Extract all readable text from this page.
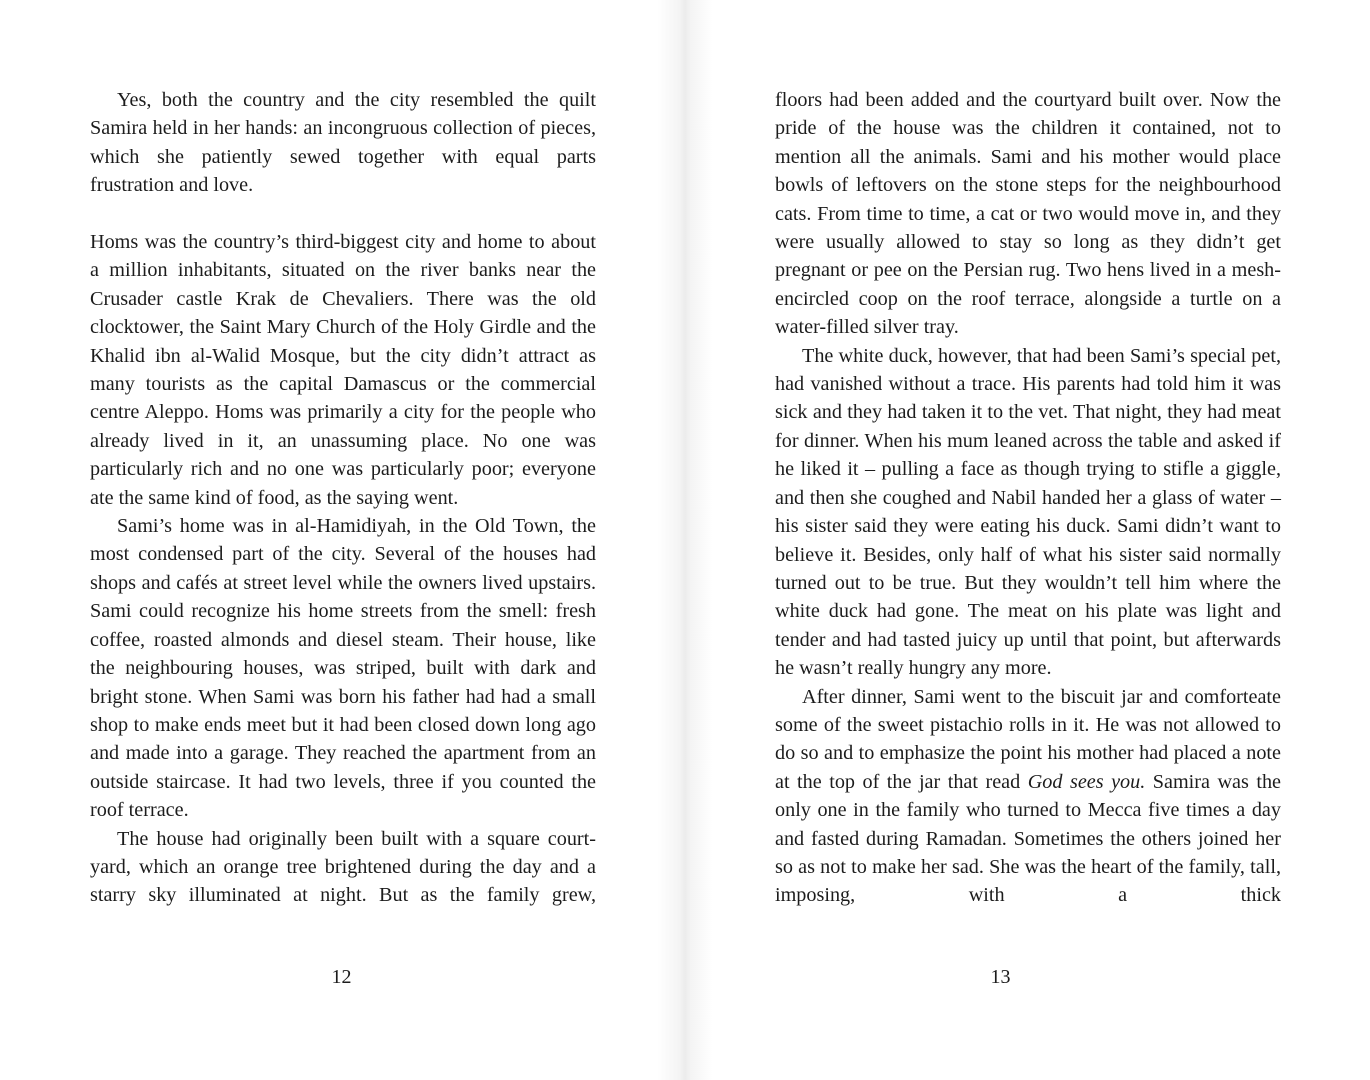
Yes, both the country and the city resembled the quilt Samira held in her hands: an incongruous collection of pieces, which she patiently sewed together with equal parts frustration and love.

Homs was the country’s third-biggest city and home to about a million inhabitants, situated on the river banks near the Crusader castle Krak de Chevaliers. There was the old clocktower, the Saint Mary Church of the Holy Girdle and the Khalid ibn al-Walid Mosque, but the city didn’t attract as many tourists as the capital Damascus or the commercial centre Aleppo. Homs was primarily a city for the people who already lived in it, an unassuming place. No one was particularly rich and no one was particularly poor; everyone ate the same kind of food, as the saying went.

Sami’s home was in al-Hamidiyah, in the Old Town, the most condensed part of the city. Several of the houses had shops and cafés at street level while the owners lived upstairs. Sami could recognize his home streets from the smell: fresh coffee, roasted almonds and diesel steam. Their house, like the neighbouring houses, was striped, built with dark and bright stone. When Sami was born his father had had a small shop to make ends meet but it had been closed down long ago and made into a garage. They reached the apartment from an outside staircase. It had two levels, three if you counted the roof terrace.

The house had originally been built with a square courtyard, which an orange tree brightened during the day and a starry sky illuminated at night. But as the family grew,

12

floors had been added and the courtyard built over. Now the pride of the house was the children it contained, not to mention all the animals. Sami and his mother would place bowls of leftovers on the stone steps for the neighbourhood cats. From time to time, a cat or two would move in, and they were usually allowed to stay so long as they didn’t get pregnant or pee on the Persian rug. Two hens lived in a mesh-encircled coop on the roof terrace, alongside a turtle on a water-filled silver tray.

The white duck, however, that had been Sami’s special pet, had vanished without a trace. His parents had told him it was sick and they had taken it to the vet. That night, they had meat for dinner. When his mum leaned across the table and asked if he liked it – pulling a face as though trying to stifle a giggle, and then she coughed and Nabil handed her a glass of water – his sister said they were eating his duck. Sami didn’t want to believe it. Besides, only half of what his sister said normally turned out to be true. But they wouldn’t tell him where the white duck had gone. The meat on his plate was light and tender and had tasted juicy up until that point, but afterwards he wasn’t really hungry any more.

After dinner, Sami went to the biscuit jar and comforteate some of the sweet pistachio rolls in it. He was not allowed to do so and to emphasize the point his mother had placed a note at the top of the jar that read God sees you. Samira was the only one in the family who turned to Mecca five times a day and fasted during Ramadan. Sometimes the others joined her so as not to make her sad. She was the heart of the family, tall, imposing, with a thick

13
